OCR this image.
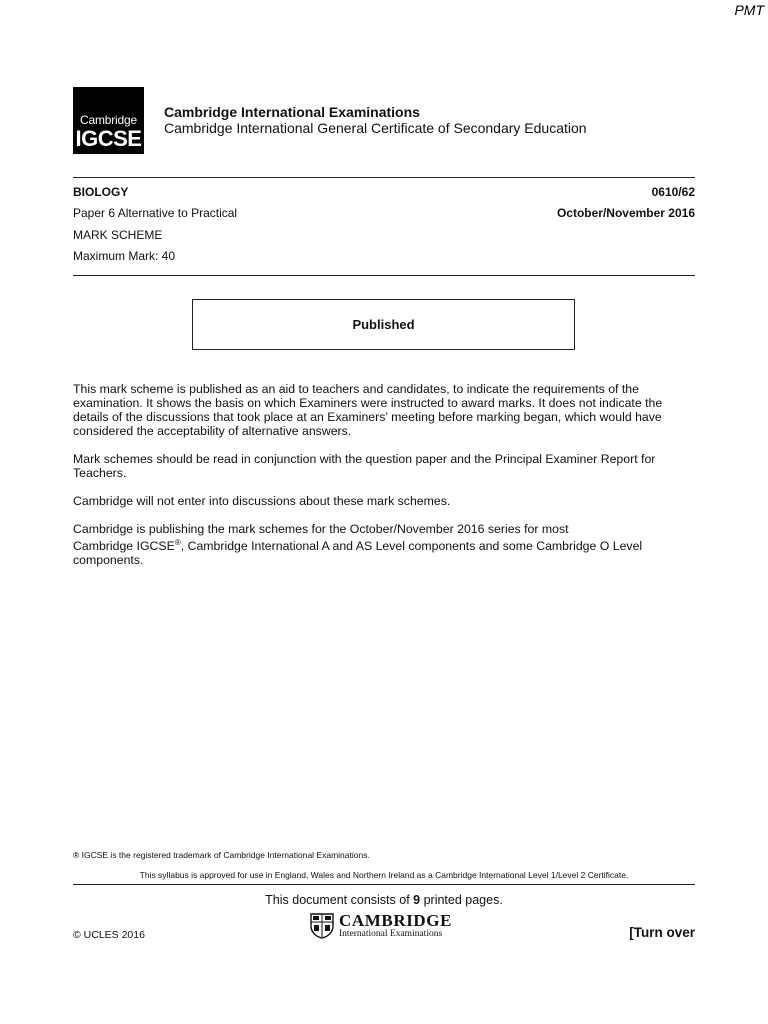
PMT
Cambridge
IGCSE
Cambridge International Examinations
Cambridge International General Certificate of Secondary Education
BIOLOGY	0610/62
Paper 6 Alternative to Practical	October/November 2016
MARK SCHEME
Maximum Mark: 40
Published

This mark scheme is published as an aid to teachers and candidates, to indicate the requirements of the examination. It shows the basis on which Examiners were instructed to award marks. It does not indicate the details of the discussions that took place at an Examiners’ meeting before marking began, which would have considered the acceptability of alternative answers.

Mark schemes should be read in conjunction with the question paper and the Principal Examiner Report for Teachers.

Cambridge will not enter into discussions about these mark schemes.

Cambridge is publishing the mark schemes for the October/November 2016 series for most
Cambridge IGCSE®, Cambridge International A and AS Level components and some Cambridge O Level components.

® IGCSE is the registered trademark of Cambridge International Examinations.
This syllabus is approved for use in England, Wales and Northern Ireland as a Cambridge International Level 1/Level 2 Certificate.
This document consists of 9 printed pages.
© UCLES 2016
CAMBRIDGE
International Examinations	[Turn over
